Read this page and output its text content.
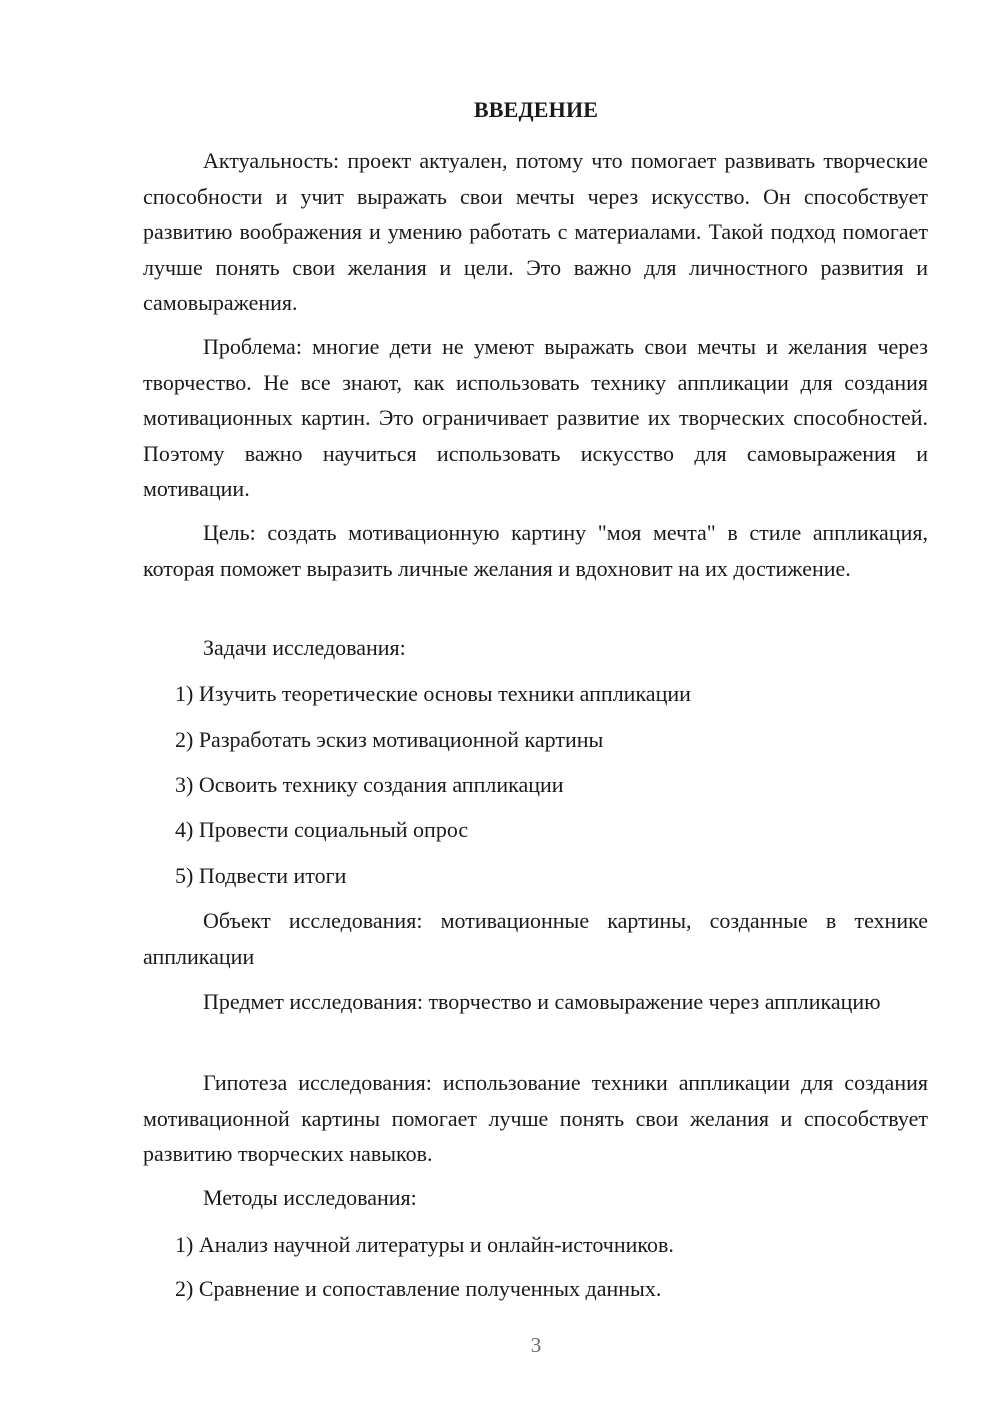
ВВЕДЕНИЕ

Актуальность: проект актуален, потому что помогает развивать творческие способности и учит выражать свои мечты через искусство. Он способствует развитию воображения и умению работать с материалами. Такой подход помогает лучше понять свои желания и цели. Это важно для личностного развития и самовыражения.

Проблема: многие дети не умеют выражать свои мечты и желания через творчество. Не все знают, как использовать технику аппликации для создания мотивационных картин. Это ограничивает развитие их творческих способностей. Поэтому важно научиться использовать искусство для самовыражения и мотивации.

Цель: создать мотивационную картину "моя мечта" в стиле аппликация, которая поможет выразить личные желания и вдохновит на их достижение.

Задачи исследования:

1) Изучить теоретические основы техники аппликации

2) Разработать эскиз мотивационной картины

3) Освоить технику создания аппликации

4) Провести социальный опрос

5) Подвести итоги

Объект исследования: мотивационные картины, созданные в технике аппликации

Предмет исследования: творчество и самовыражение через аппликацию

Гипотеза исследования: использование техники аппликации для создания мотивационной картины помогает лучше понять свои желания и способствует развитию творческих навыков.

Методы исследования:

1) Анализ научной литературы и онлайн-источников.

2) Сравнение и сопоставление полученных данных.

3
